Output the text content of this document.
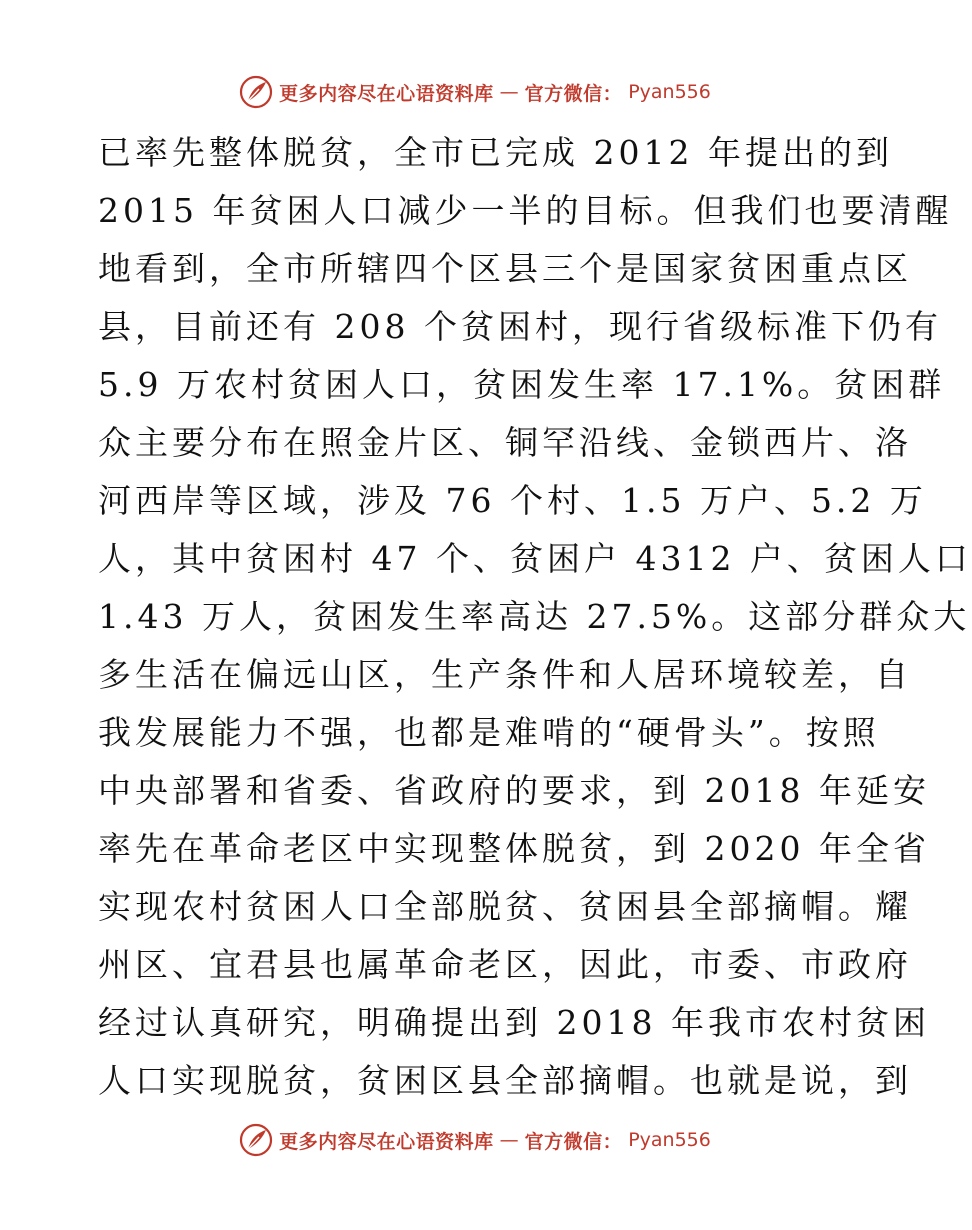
更多内容尽在心语资料库 — 官方微信： Pyan556
已率先整体脱贫，全市已完成 2012 年提出的到
2015 年贫困人口减少一半的目标。但我们也要清醒
地看到，全市所辖四个区县三个是国家贫困重点区
县，目前还有 208 个贫困村，现行省级标准下仍有
5.9 万农村贫困人口，贫困发生率 17.1%。贫困群
众主要分布在照金片区、铜罕沿线、金锁西片、洛
河西岸等区域，涉及 76 个村、1.5 万户、5.2 万
人，其中贫困村 47 个、贫困户 4312 户、贫困人口
1.43 万人，贫困发生率高达 27.5%。这部分群众大
多生活在偏远山区，生产条件和人居环境较差，自
我发展能力不强，也都是难啃的“硬骨头”。按照
中央部署和省委、省政府的要求，到 2018 年延安
率先在革命老区中实现整体脱贫，到 2020 年全省
实现农村贫困人口全部脱贫、贫困县全部摘帽。耀
州区、宜君县也属革命老区，因此，市委、市政府
经过认真研究，明确提出到 2018 年我市农村贫困
人口实现脱贫，贫困区县全部摘帽。也就是说，到
更多内容尽在心语资料库 — 官方微信： Pyan556
